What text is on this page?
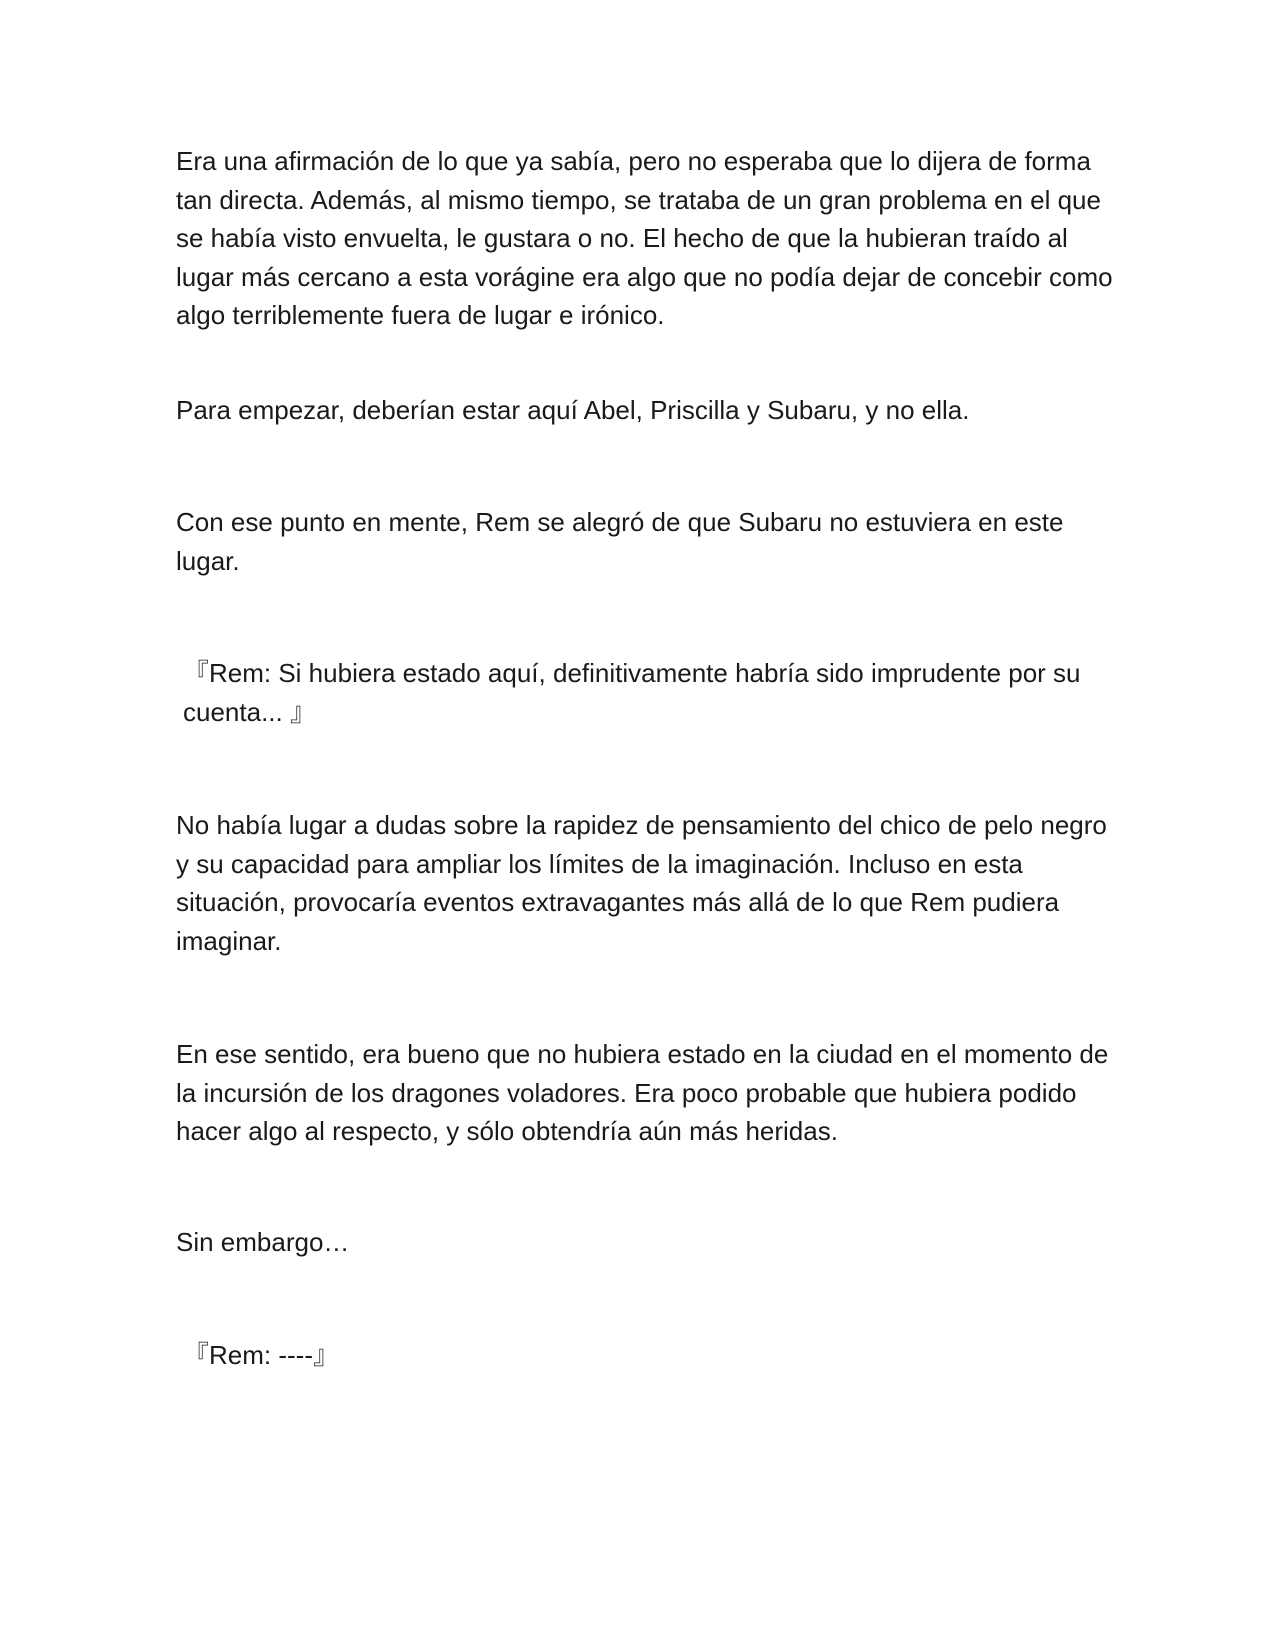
Era una afirmación de lo que ya sabía, pero no esperaba que lo dijera de forma tan directa. Además, al mismo tiempo, se trataba de un gran problema en el que se había visto envuelta, le gustara o no. El hecho de que la hubieran traído al lugar más cercano a esta vorágine era algo que no podía dejar de concebir como algo terriblemente fuera de lugar e irónico.

Para empezar, deberían estar aquí Abel, Priscilla y Subaru, y no ella.

Con ese punto en mente, Rem se alegró de que Subaru no estuviera en este lugar.

『Rem: Si hubiera estado aquí, definitivamente habría sido imprudente por su cuenta... 』

No había lugar a dudas sobre la rapidez de pensamiento del chico de pelo negro y su capacidad para ampliar los límites de la imaginación. Incluso en esta situación, provocaría eventos extravagantes más allá de lo que Rem pudiera imaginar.

En ese sentido, era bueno que no hubiera estado en la ciudad en el momento de la incursión de los dragones voladores. Era poco probable que hubiera podido hacer algo al respecto, y sólo obtendría aún más heridas.

Sin embargo…

『Rem: ----』
